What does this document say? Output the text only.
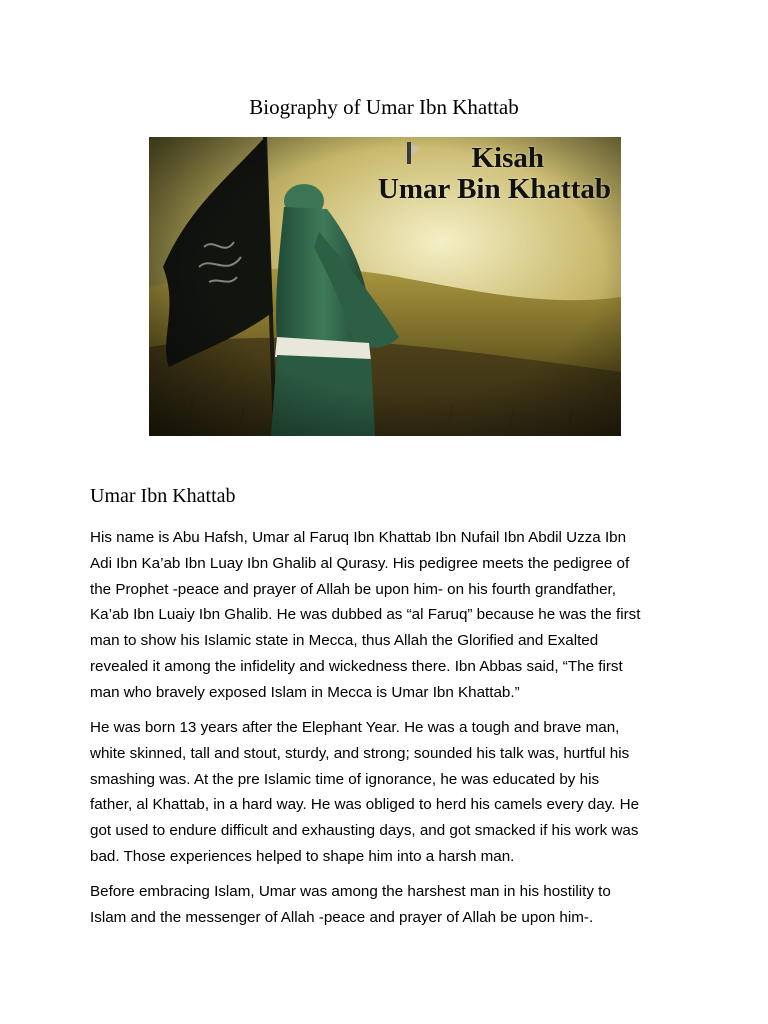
Biography of Umar Ibn Khattab
Kisah
Umar Bin Khattab
Umar Ibn Khattab

His name is Abu Hafsh, Umar al Faruq Ibn Khattab Ibn Nufail Ibn Abdil Uzza Ibn
Adi Ibn Ka’ab Ibn Luay Ibn Ghalib al Qurasy. His pedigree meets the pedigree of
the Prophet -peace and prayer of Allah be upon him- on his fourth grandfather,
Ka’ab Ibn Luaiy Ibn Ghalib. He was dubbed as “al Faruq” because he was the first
man to show his Islamic state in Mecca, thus Allah the Glorified and Exalted
revealed it among the infidelity and wickedness there. Ibn Abbas said, “The first
man who bravely exposed Islam in Mecca is Umar Ibn Khattab.”

He was born 13 years after the Elephant Year. He was a tough and brave man,
white skinned, tall and stout, sturdy, and strong; sounded his talk was, hurtful his
smashing was. At the pre Islamic time of ignorance, he was educated by his
father, al Khattab, in a hard way. He was obliged to herd his camels every day. He
got used to endure difficult and exhausting days, and got smacked if his work was
bad. Those experiences helped to shape him into a harsh man.

Before embracing Islam, Umar was among the harshest man in his hostility to
Islam and the messenger of Allah -peace and prayer of Allah be upon him-.
